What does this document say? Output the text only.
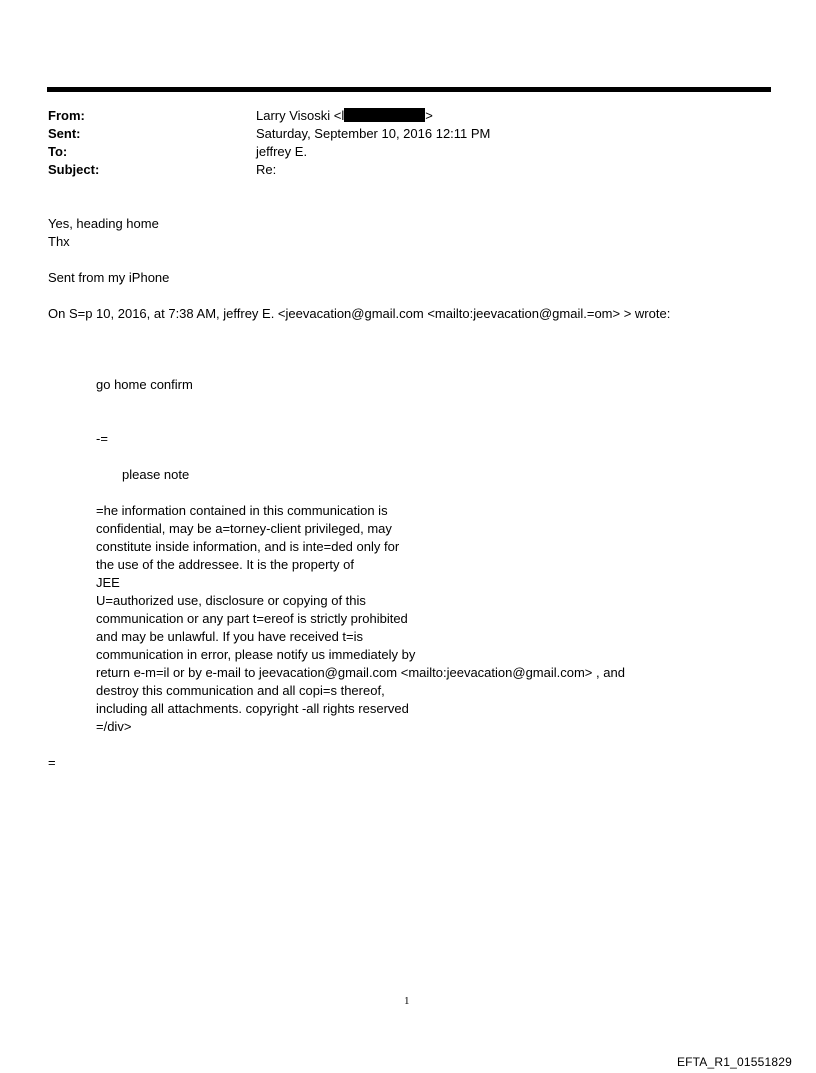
From:	Larry Visoski <l	>
Sent:	Saturday, September 10, 2016 12:11 PM
To:	jeffrey E.
Subject:	Re:
Yes, heading home
Thx
Sent from my iPhone
On S=p 10, 2016, at 7:38 AM, jeffrey E. <jeevacation@gmail.com <mailto:jeevacation@gmail.=om> > wrote:
go home confirm
-=
please note
=he information contained in this communication is
confidential, may be a=torney-client privileged, may
constitute inside information, and is inte=ded only for
the use of the addressee. It is the property of
JEE
U=authorized use, disclosure or copying of this
communication or any part t=ereof is strictly prohibited
and may be unlawful. If you have received t=is
communication in error, please notify us immediately by
return e-m=il or by e-mail to jeevacation@gmail.com <mailto:jeevacation@gmail.com> , and
destroy this communication and all copi=s thereof,
including all attachments. copyright -all rights reserved
=/div>
=
1
EFTA_R1_01551829
